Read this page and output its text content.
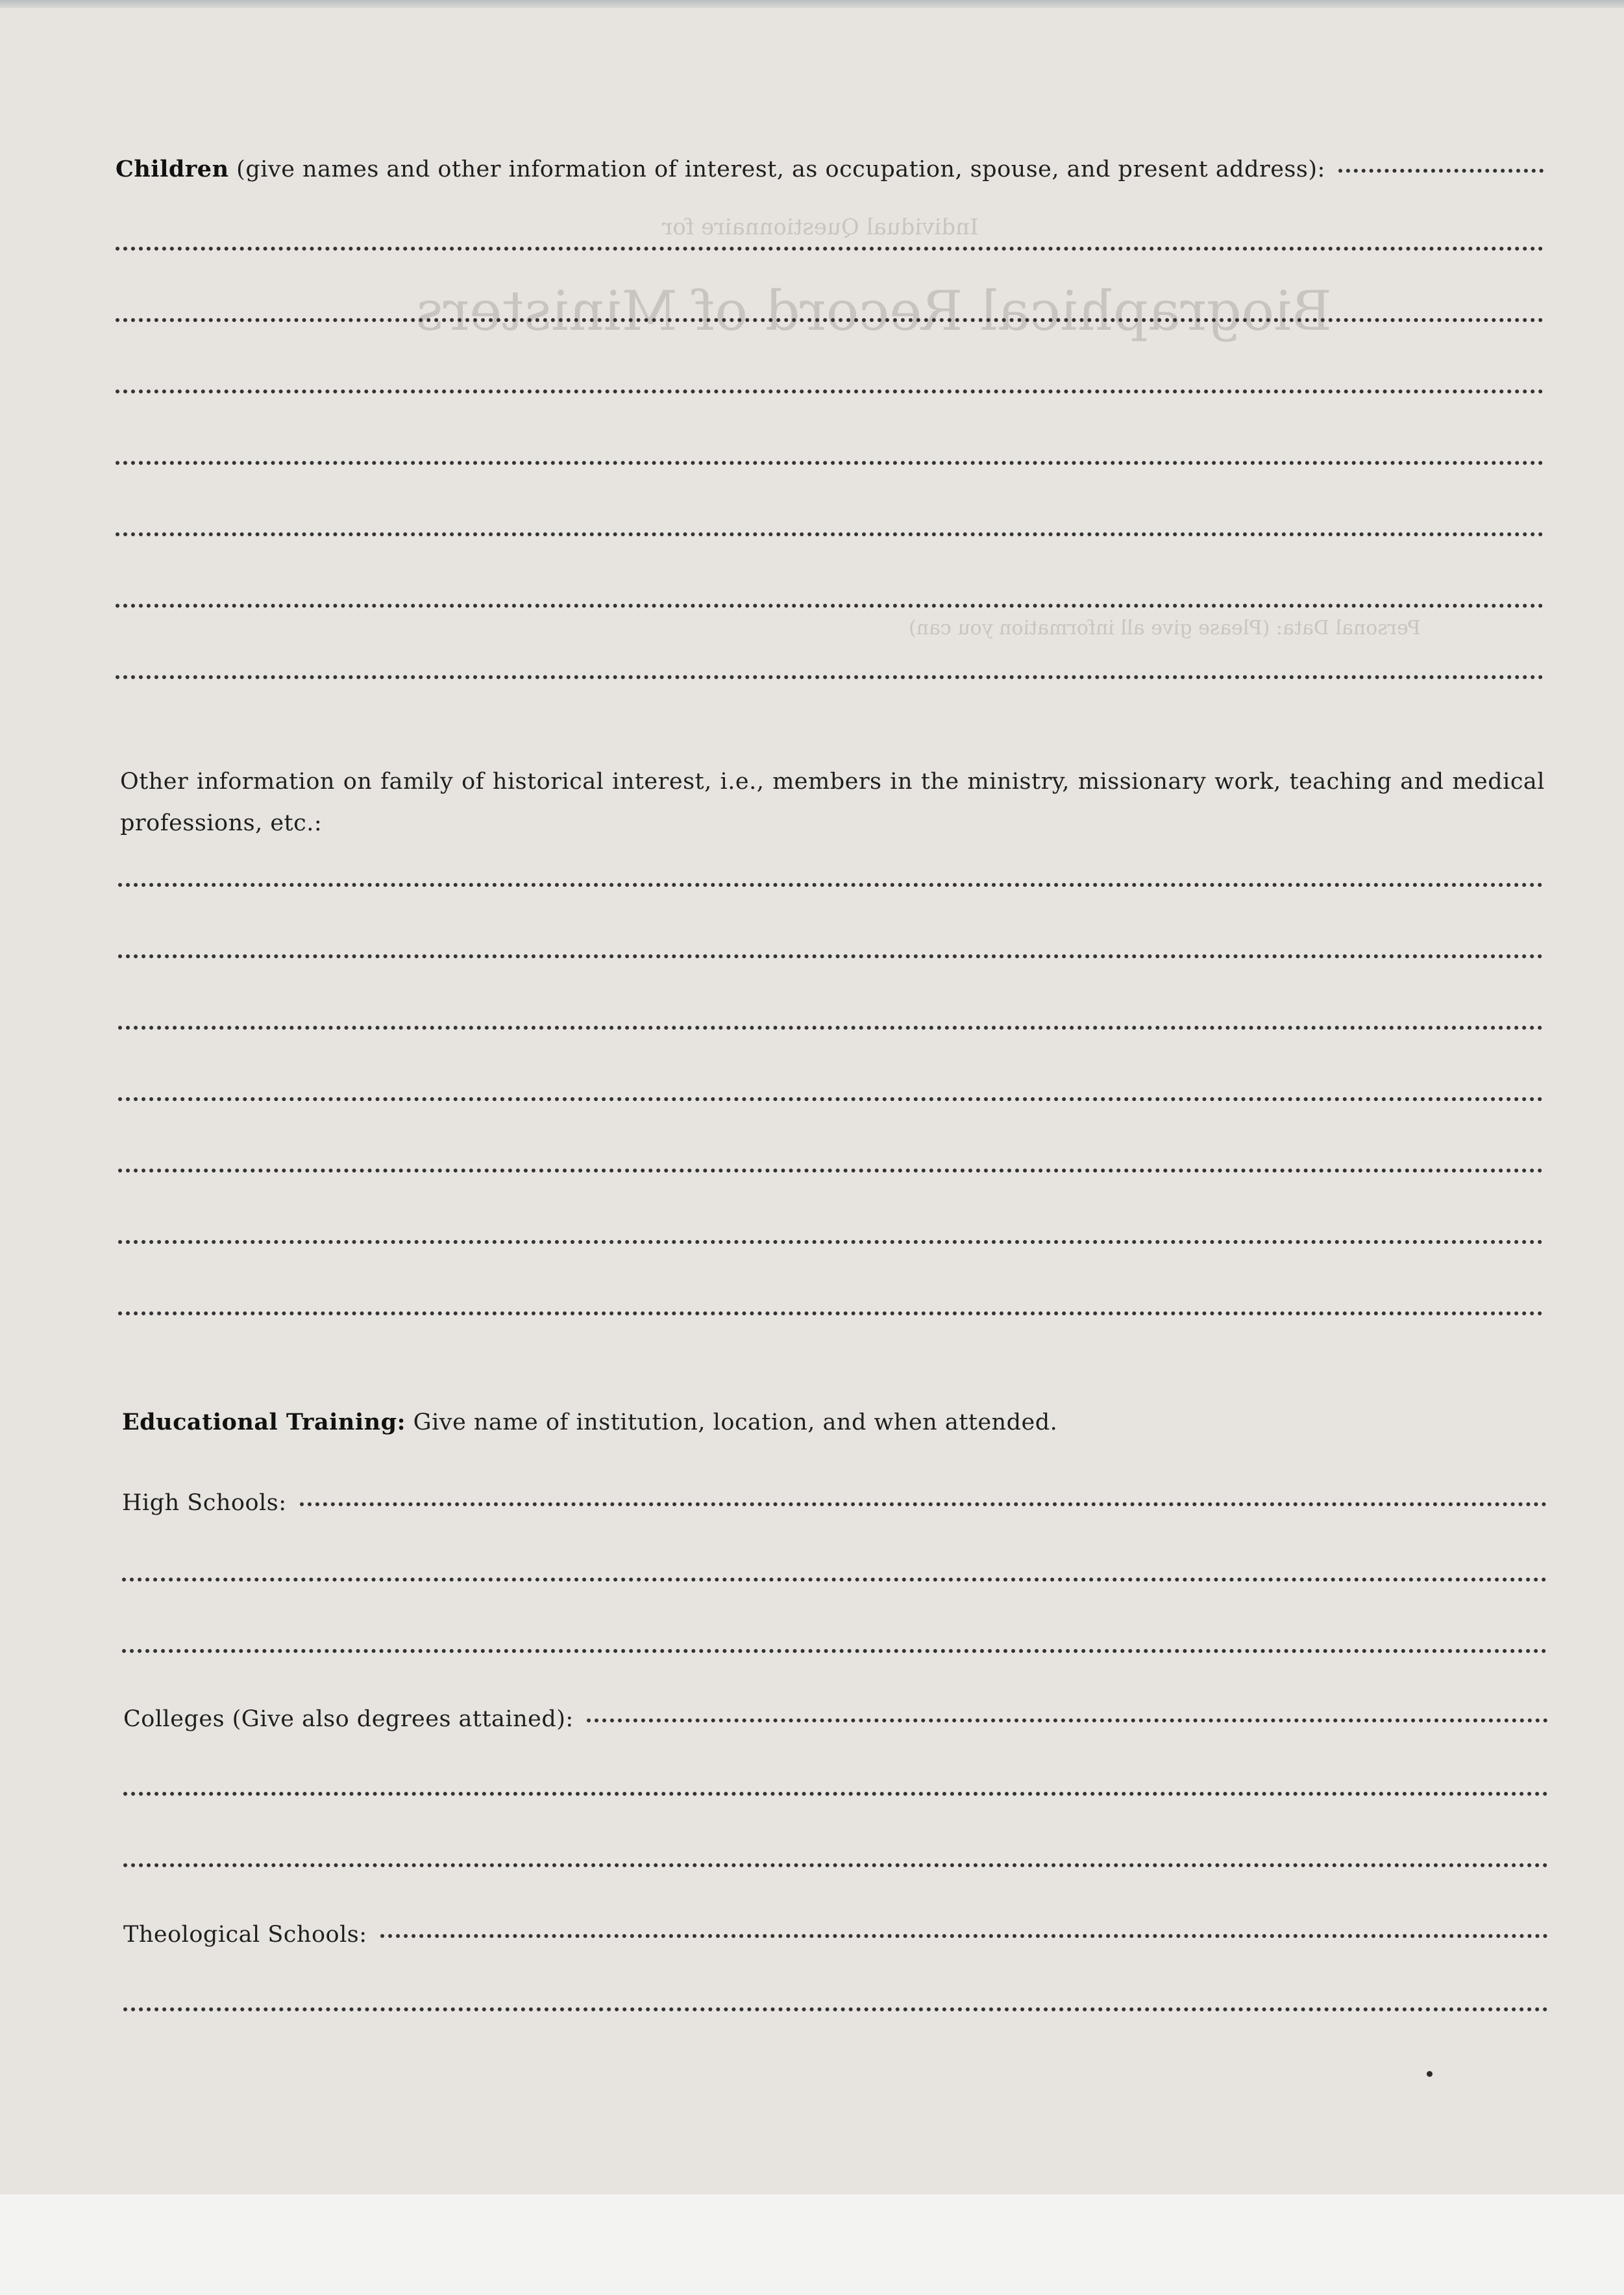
Biographical Record of Ministers
Individual Questionnaire for
Personal Data: (Please give all information you can)
Children (give names and other information of interest, as occupation, spouse, and present address):
Other information on family of historical interest, i.e., members in the ministry, missionary work, teaching and medical professions, etc.:
Educational Training: Give name of institution, location, and when attended.
High Schools:
Colleges (Give also degrees attained):
Theological Schools:
